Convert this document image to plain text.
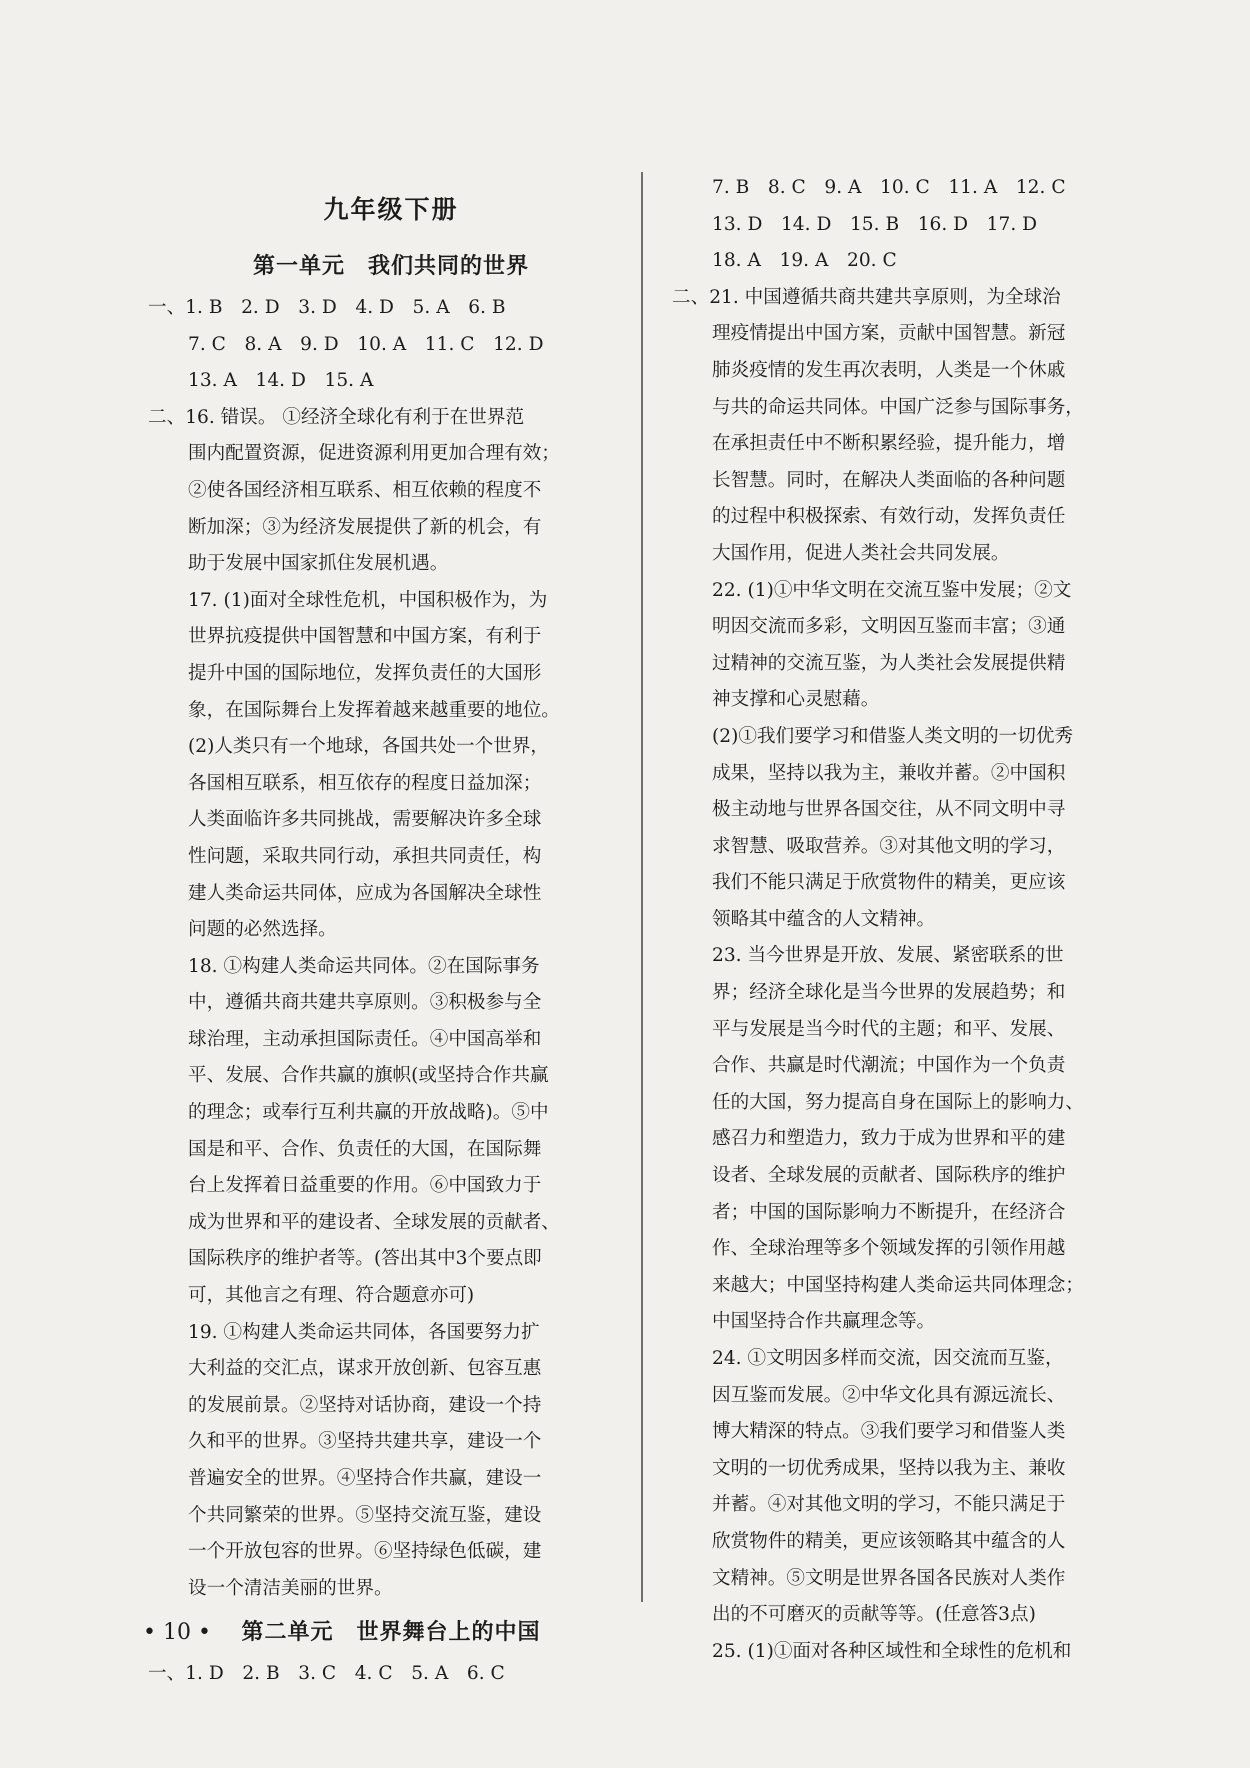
九年级下册
第一单元　我们共同的世界
一、1. B　2. D　3. D　4. D　5. A　6. B
7. C　8. A　9. D　10. A　11. C　12. D
13. A　14. D　15. A
二、16. 错误。 ①经济全球化有利于在世界范
围内配置资源，促进资源利用更加合理有效；
②使各国经济相互联系、相互依赖的程度不
断加深；③为经济发展提供了新的机会，有
助于发展中国家抓住发展机遇。
17. (1)面对全球性危机，中国积极作为，为
世界抗疫提供中国智慧和中国方案，有利于
提升中国的国际地位，发挥负责任的大国形
象，在国际舞台上发挥着越来越重要的地位。
(2)人类只有一个地球，各国共处一个世界，
各国相互联系，相互依存的程度日益加深；
人类面临许多共同挑战，需要解决许多全球
性问题，采取共同行动，承担共同责任，构
建人类命运共同体，应成为各国解决全球性
问题的必然选择。
18. ①构建人类命运共同体。②在国际事务
中，遵循共商共建共享原则。③积极参与全
球治理，主动承担国际责任。④中国高举和
平、发展、合作共赢的旗帜(或坚持合作共赢
的理念；或奉行互利共赢的开放战略)。⑤中
国是和平、合作、负责任的大国，在国际舞
台上发挥着日益重要的作用。⑥中国致力于
成为世界和平的建设者、全球发展的贡献者、
国际秩序的维护者等。(答出其中3个要点即
可，其他言之有理、符合题意亦可)
19. ①构建人类命运共同体，各国要努力扩
大利益的交汇点，谋求开放创新、包容互惠
的发展前景。②坚持对话协商，建设一个持
久和平的世界。③坚持共建共享，建设一个
普遍安全的世界。④坚持合作共赢，建设一
个共同繁荣的世界。⑤坚持交流互鉴，建设
一个开放包容的世界。⑥坚持绿色低碳，建
设一个清洁美丽的世界。
第二单元　世界舞台上的中国
一、1. D　2. B　3. C　4. C　5. A　6. C
7. B　8. C　9. A　10. C　11. A　12. C
13. D　14. D　15. B　16. D　17. D
18. A　19. A　20. C
二、21. 中国遵循共商共建共享原则，为全球治
理疫情提出中国方案，贡献中国智慧。新冠
肺炎疫情的发生再次表明，人类是一个休戚
与共的命运共同体。中国广泛参与国际事务，
在承担责任中不断积累经验，提升能力，增
长智慧。同时，在解决人类面临的各种问题
的过程中积极探索、有效行动，发挥负责任
大国作用，促进人类社会共同发展。
22. (1)①中华文明在交流互鉴中发展；②文
明因交流而多彩，文明因互鉴而丰富；③通
过精神的交流互鉴，为人类社会发展提供精
神支撑和心灵慰藉。
(2)①我们要学习和借鉴人类文明的一切优秀
成果，坚持以我为主，兼收并蓄。②中国积
极主动地与世界各国交往，从不同文明中寻
求智慧、吸取营养。③对其他文明的学习，
我们不能只满足于欣赏物件的精美，更应该
领略其中蕴含的人文精神。
23. 当今世界是开放、发展、紧密联系的世
界；经济全球化是当今世界的发展趋势；和
平与发展是当今时代的主题；和平、发展、
合作、共赢是时代潮流；中国作为一个负责
任的大国，努力提高自身在国际上的影响力、
感召力和塑造力，致力于成为世界和平的建
设者、全球发展的贡献者、国际秩序的维护
者；中国的国际影响力不断提升，在经济合
作、全球治理等多个领域发挥的引领作用越
来越大；中国坚持构建人类命运共同体理念；
中国坚持合作共赢理念等。
24. ①文明因多样而交流，因交流而互鉴，
因互鉴而发展。②中华文化具有源远流长、
博大精深的特点。③我们要学习和借鉴人类
文明的一切优秀成果，坚持以我为主、兼收
并蓄。④对其他文明的学习，不能只满足于
欣赏物件的精美，更应该领略其中蕴含的人
文精神。⑤文明是世界各国各民族对人类作
出的不可磨灭的贡献等等。(任意答3点)
25. (1)①面对各种区域性和全球性的危机和
• 10 •
